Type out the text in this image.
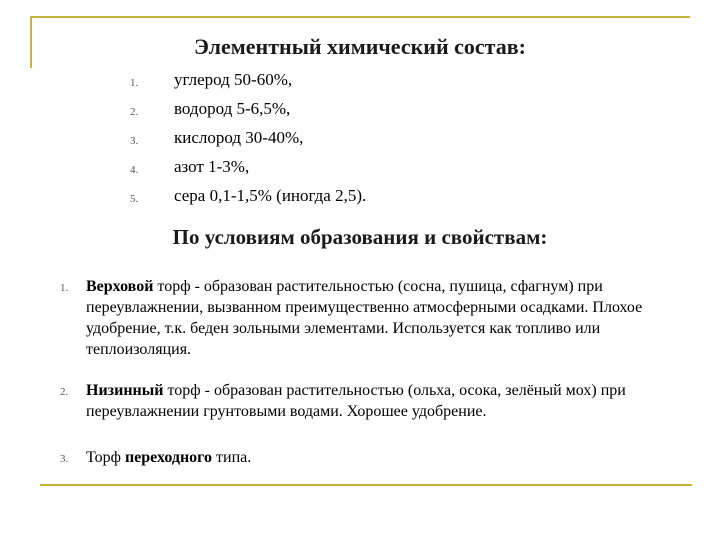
Элементный химический состав:
1. углерод 50-60%,
2. водород 5-6,5%,
3. кислород 30-40%,
4. азот 1-3%,
5. сера 0,1-1,5% (иногда 2,5).
По условиям образования и свойствам:
1. Верховой торф - образован растительностью (сосна, пушица, сфагнум) при переувлажнении, вызванном преимущественно атмосферными осадками. Плохое удобрение, т.к. беден зольными элементами. Используется как топливо или теплоизоляция.
2. Низинный торф - образован растительностью (ольха, осока, зелёный мох) при переувлажнении грунтовыми водами. Хорошее удобрение.
3. Торф переходного типа.
